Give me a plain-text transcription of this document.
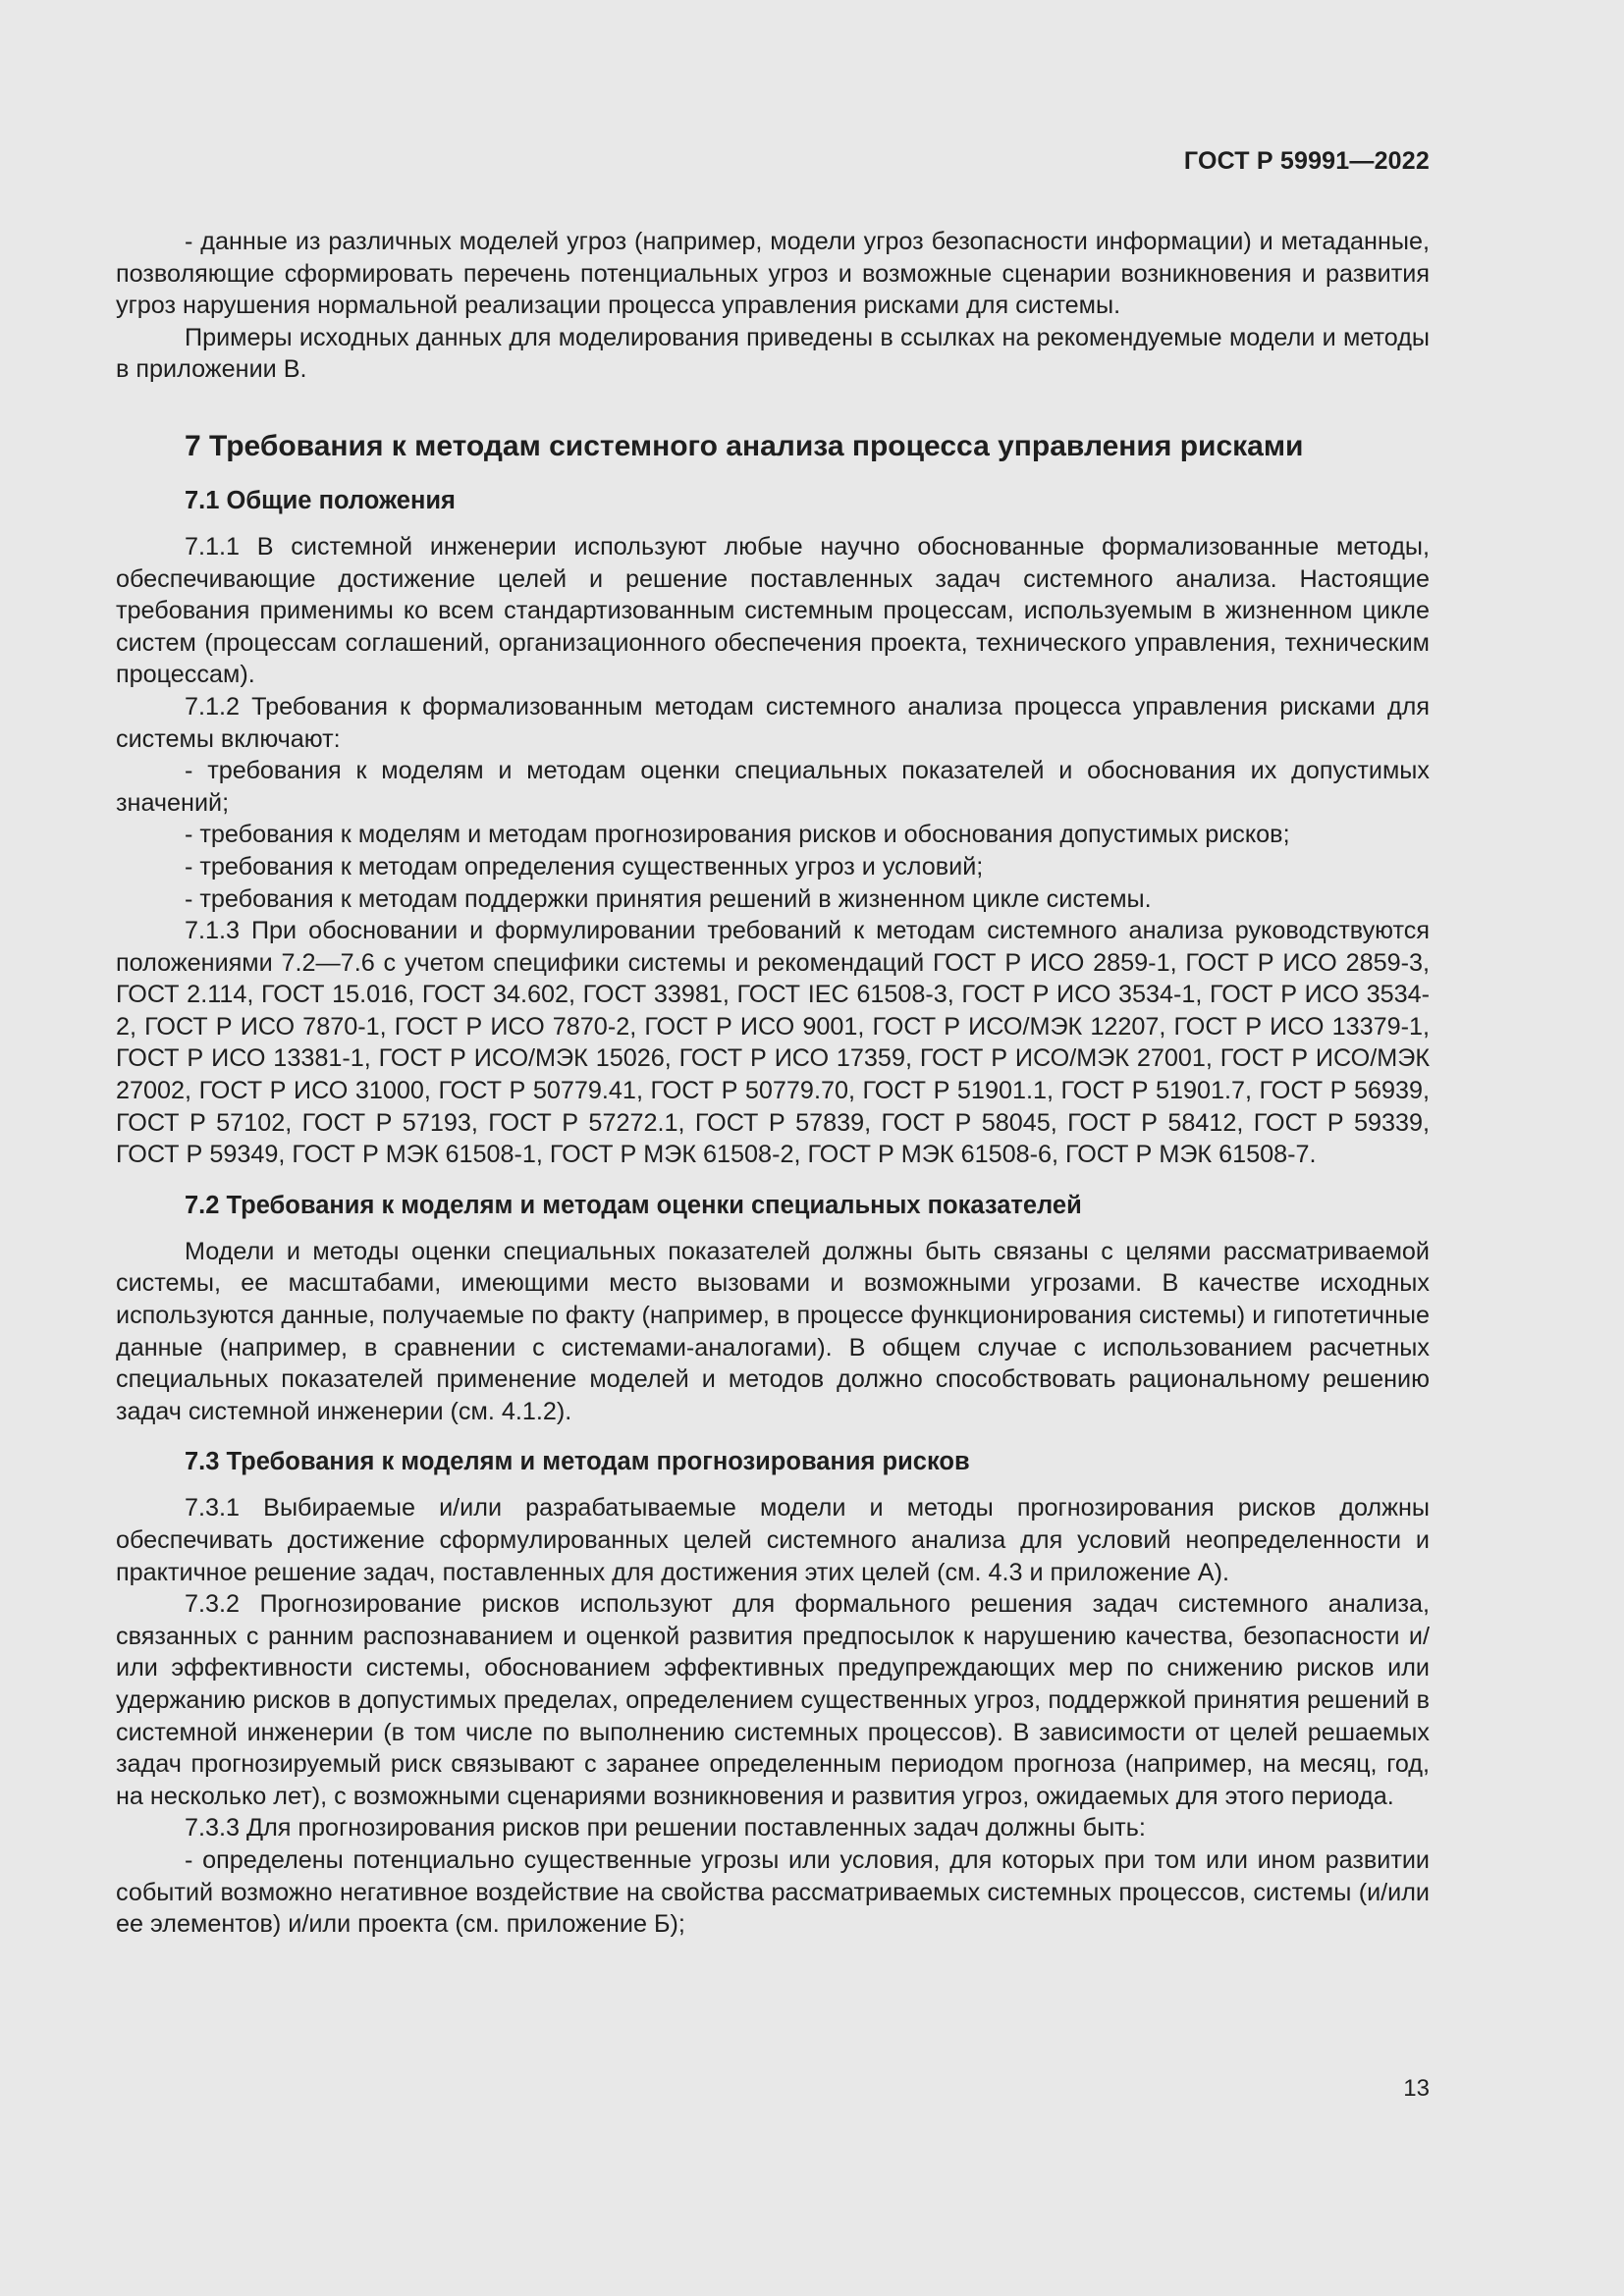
ГОСТ Р 59991—2022

- данные из различных моделей угроз (например, модели угроз безопасности информации) и метаданные, позволяющие сформировать перечень потенциальных угроз и возможные сценарии возникновения и развития угроз нарушения нормальной реализации процесса управления рисками для системы.

Примеры исходных данных для моделирования приведены в ссылках на рекомендуемые модели и методы в приложении В.

7 Требования к методам системного анализа процесса управления рисками
7.1 Общие положения

7.1.1 В системной инженерии используют любые научно обоснованные формализованные методы, обеспечивающие достижение целей и решение поставленных задач системного анализа. Настоящие требования применимы ко всем стандартизованным системным процессам, используемым в жизненном цикле систем (процессам соглашений, организационного обеспечения проекта, технического управления, техническим процессам).

7.1.2 Требования к формализованным методам системного анализа процесса управления рисками для системы включают:

- требования к моделям и методам оценки специальных показателей и обоснования их допустимых значений;

- требования к моделям и методам прогнозирования рисков и обоснования допустимых рисков;

- требования к методам определения существенных угроз и условий;

- требования к методам поддержки принятия решений в жизненном цикле системы.

7.1.3 При обосновании и формулировании требований к методам системного анализа руководствуются положениями 7.2—7.6 с учетом специфики системы и рекомендаций ГОСТ Р ИСО 2859-1, ГОСТ Р ИСО 2859-3, ГОСТ 2.114, ГОСТ 15.016, ГОСТ 34.602, ГОСТ 33981, ГОСТ IEC 61508-3, ГОСТ Р ИСО 3534-1, ГОСТ Р ИСО 3534-2, ГОСТ Р ИСО 7870-1, ГОСТ Р ИСО 7870-2, ГОСТ Р ИСО 9001, ГОСТ Р ИСО/МЭК 12207, ГОСТ Р ИСО 13379-1, ГОСТ Р ИСО 13381-1, ГОСТ Р ИСО/МЭК 15026, ГОСТ Р ИСО 17359, ГОСТ Р ИСО/МЭК 27001, ГОСТ Р ИСО/МЭК 27002, ГОСТ Р ИСО 31000, ГОСТ Р 50779.41, ГОСТ Р 50779.70, ГОСТ Р 51901.1, ГОСТ Р 51901.7, ГОСТ Р 56939, ГОСТ Р 57102, ГОСТ Р 57193, ГОСТ Р 57272.1, ГОСТ Р 57839, ГОСТ Р 58045, ГОСТ Р 58412, ГОСТ Р 59339, ГОСТ Р 59349, ГОСТ Р МЭК 61508-1, ГОСТ Р МЭК 61508-2, ГОСТ Р МЭК 61508-6, ГОСТ Р МЭК 61508-7.

7.2 Требования к моделям и методам оценки специальных показателей

Модели и методы оценки специальных показателей должны быть связаны с целями рассматриваемой системы, ее масштабами, имеющими место вызовами и возможными угрозами. В качестве исходных используются данные, получаемые по факту (например, в процессе функционирования системы) и гипотетичные данные (например, в сравнении с системами-аналогами). В общем случае с использованием расчетных специальных показателей применение моделей и методов должно способствовать рациональному решению задач системной инженерии (см. 4.1.2).

7.3 Требования к моделям и методам прогнозирования рисков

7.3.1 Выбираемые и/или разрабатываемые модели и методы прогнозирования рисков должны обеспечивать достижение сформулированных целей системного анализа для условий неопределенности и практичное решение задач, поставленных для достижения этих целей (см. 4.3 и приложение А).

7.3.2 Прогнозирование рисков используют для формального решения задач системного анализа, связанных с ранним распознаванием и оценкой развития предпосылок к нарушению качества, безопасности и/или эффективности системы, обоснованием эффективных предупреждающих мер по снижению рисков или удержанию рисков в допустимых пределах, определением существенных угроз, поддержкой принятия решений в системной инженерии (в том числе по выполнению системных процессов). В зависимости от целей решаемых задач прогнозируемый риск связывают с заранее определенным периодом прогноза (например, на месяц, год, на несколько лет), с возможными сценариями возникновения и развития угроз, ожидаемых для этого периода.

7.3.3 Для прогнозирования рисков при решении поставленных задач должны быть:

- определены потенциально существенные угрозы или условия, для которых при том или ином развитии событий возможно негативное воздействие на свойства рассматриваемых системных процессов, системы (и/или ее элементов) и/или проекта (см. приложение Б);

13
